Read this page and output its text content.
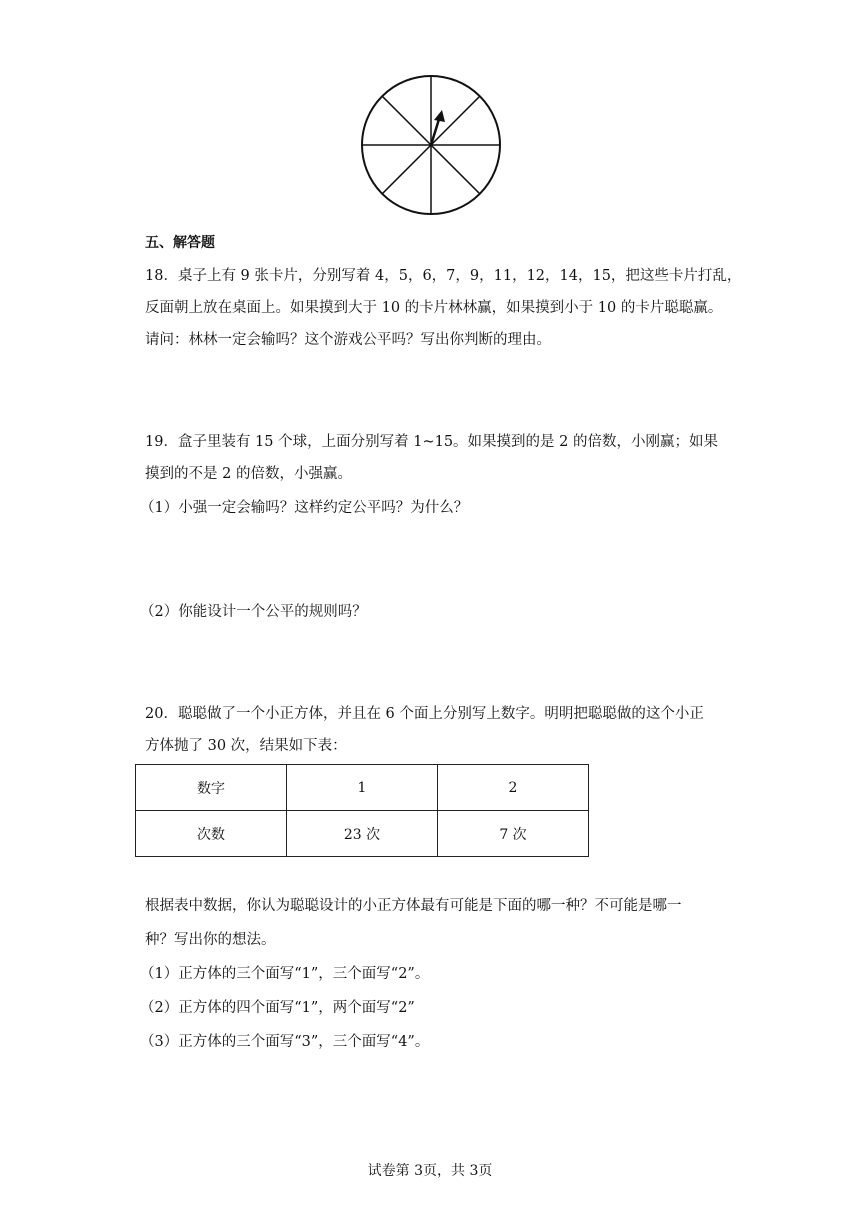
五、解答题
18．桌子上有 9 张卡片，分别写着 4，5，6，7，9，11，12，14，15，把这些卡片打乱，
反面朝上放在桌面上。如果摸到大于 10 的卡片林林赢，如果摸到小于 10 的卡片聪聪赢。
请问：林林一定会输吗？这个游戏公平吗？写出你判断的理由。
19．盒子里装有 15 个球，上面分别写着 1~15。如果摸到的是 2 的倍数，小刚赢；如果
摸到的不是 2 的倍数，小强赢。
（1）小强一定会输吗？这样约定公平吗？为什么？
（2）你能设计一个公平的规则吗？
20．聪聪做了一个小正方体，并且在 6 个面上分别写上数字。明明把聪聪做的这个小正
方体抛了 30 次，结果如下表：
数字	1	2
次数	23 次	7 次
根据表中数据，你认为聪聪设计的小正方体最有可能是下面的哪一种？不可能是哪一
种？写出你的想法。
（1）正方体的三个面写“1”，三个面写“2”。
（2）正方体的四个面写“1”，两个面写“2”
（3）正方体的三个面写“3”，三个面写“4”。
试卷第 3页，共 3页
